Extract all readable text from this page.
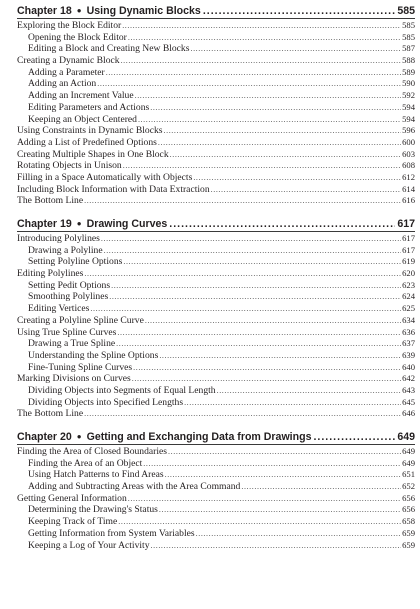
Chapter 18 ● Using Dynamic Blocks .....	585
Exploring the Block Editor .....	585
Opening the Block Editor .....	585
Editing a Block and Creating New Blocks .....	587
Creating a Dynamic Block .....	588
Adding a Parameter .....	589
Adding an Action .....	590
Adding an Increment Value .....	592
Editing Parameters and Actions .....	594
Keeping an Object Centered .....	594
Using Constraints in Dynamic Blocks .....	596
Adding a List of Predefined Options .....	600
Creating Multiple Shapes in One Block .....	603
Rotating Objects in Unison .....	608
Filling in a Space Automatically with Objects .....	612
Including Block Information with Data Extraction .....	614
The Bottom Line .....	616
Chapter 19 ● Drawing Curves .....	617
Introducing Polylines .....	617
Drawing a Polyline .....	617
Setting Polyline Options .....	619
Editing Polylines .....	620
Setting Pedit Options .....	623
Smoothing Polylines .....	624
Editing Vertices .....	625
Creating a Polyline Spline Curve .....	634
Using True Spline Curves .....	636
Drawing a True Spline .....	637
Understanding the Spline Options .....	639
Fine-Tuning Spline Curves .....	640
Marking Divisions on Curves .....	642
Dividing Objects into Segments of Equal Length .....	643
Dividing Objects into Specified Lengths .....	645
The Bottom Line .....	646
Chapter 20 ● Getting and Exchanging Data from Drawings .....	649
Finding the Area of Closed Boundaries .....	649
Finding the Area of an Object .....	649
Using Hatch Patterns to Find Areas .....	651
Adding and Subtracting Areas with the Area Command .....	652
Getting General Information .....	656
Determining the Drawing's Status .....	656
Keeping Track of Time .....	658
Getting Information from System Variables .....	659
Keeping a Log of Your Activity .....	659
